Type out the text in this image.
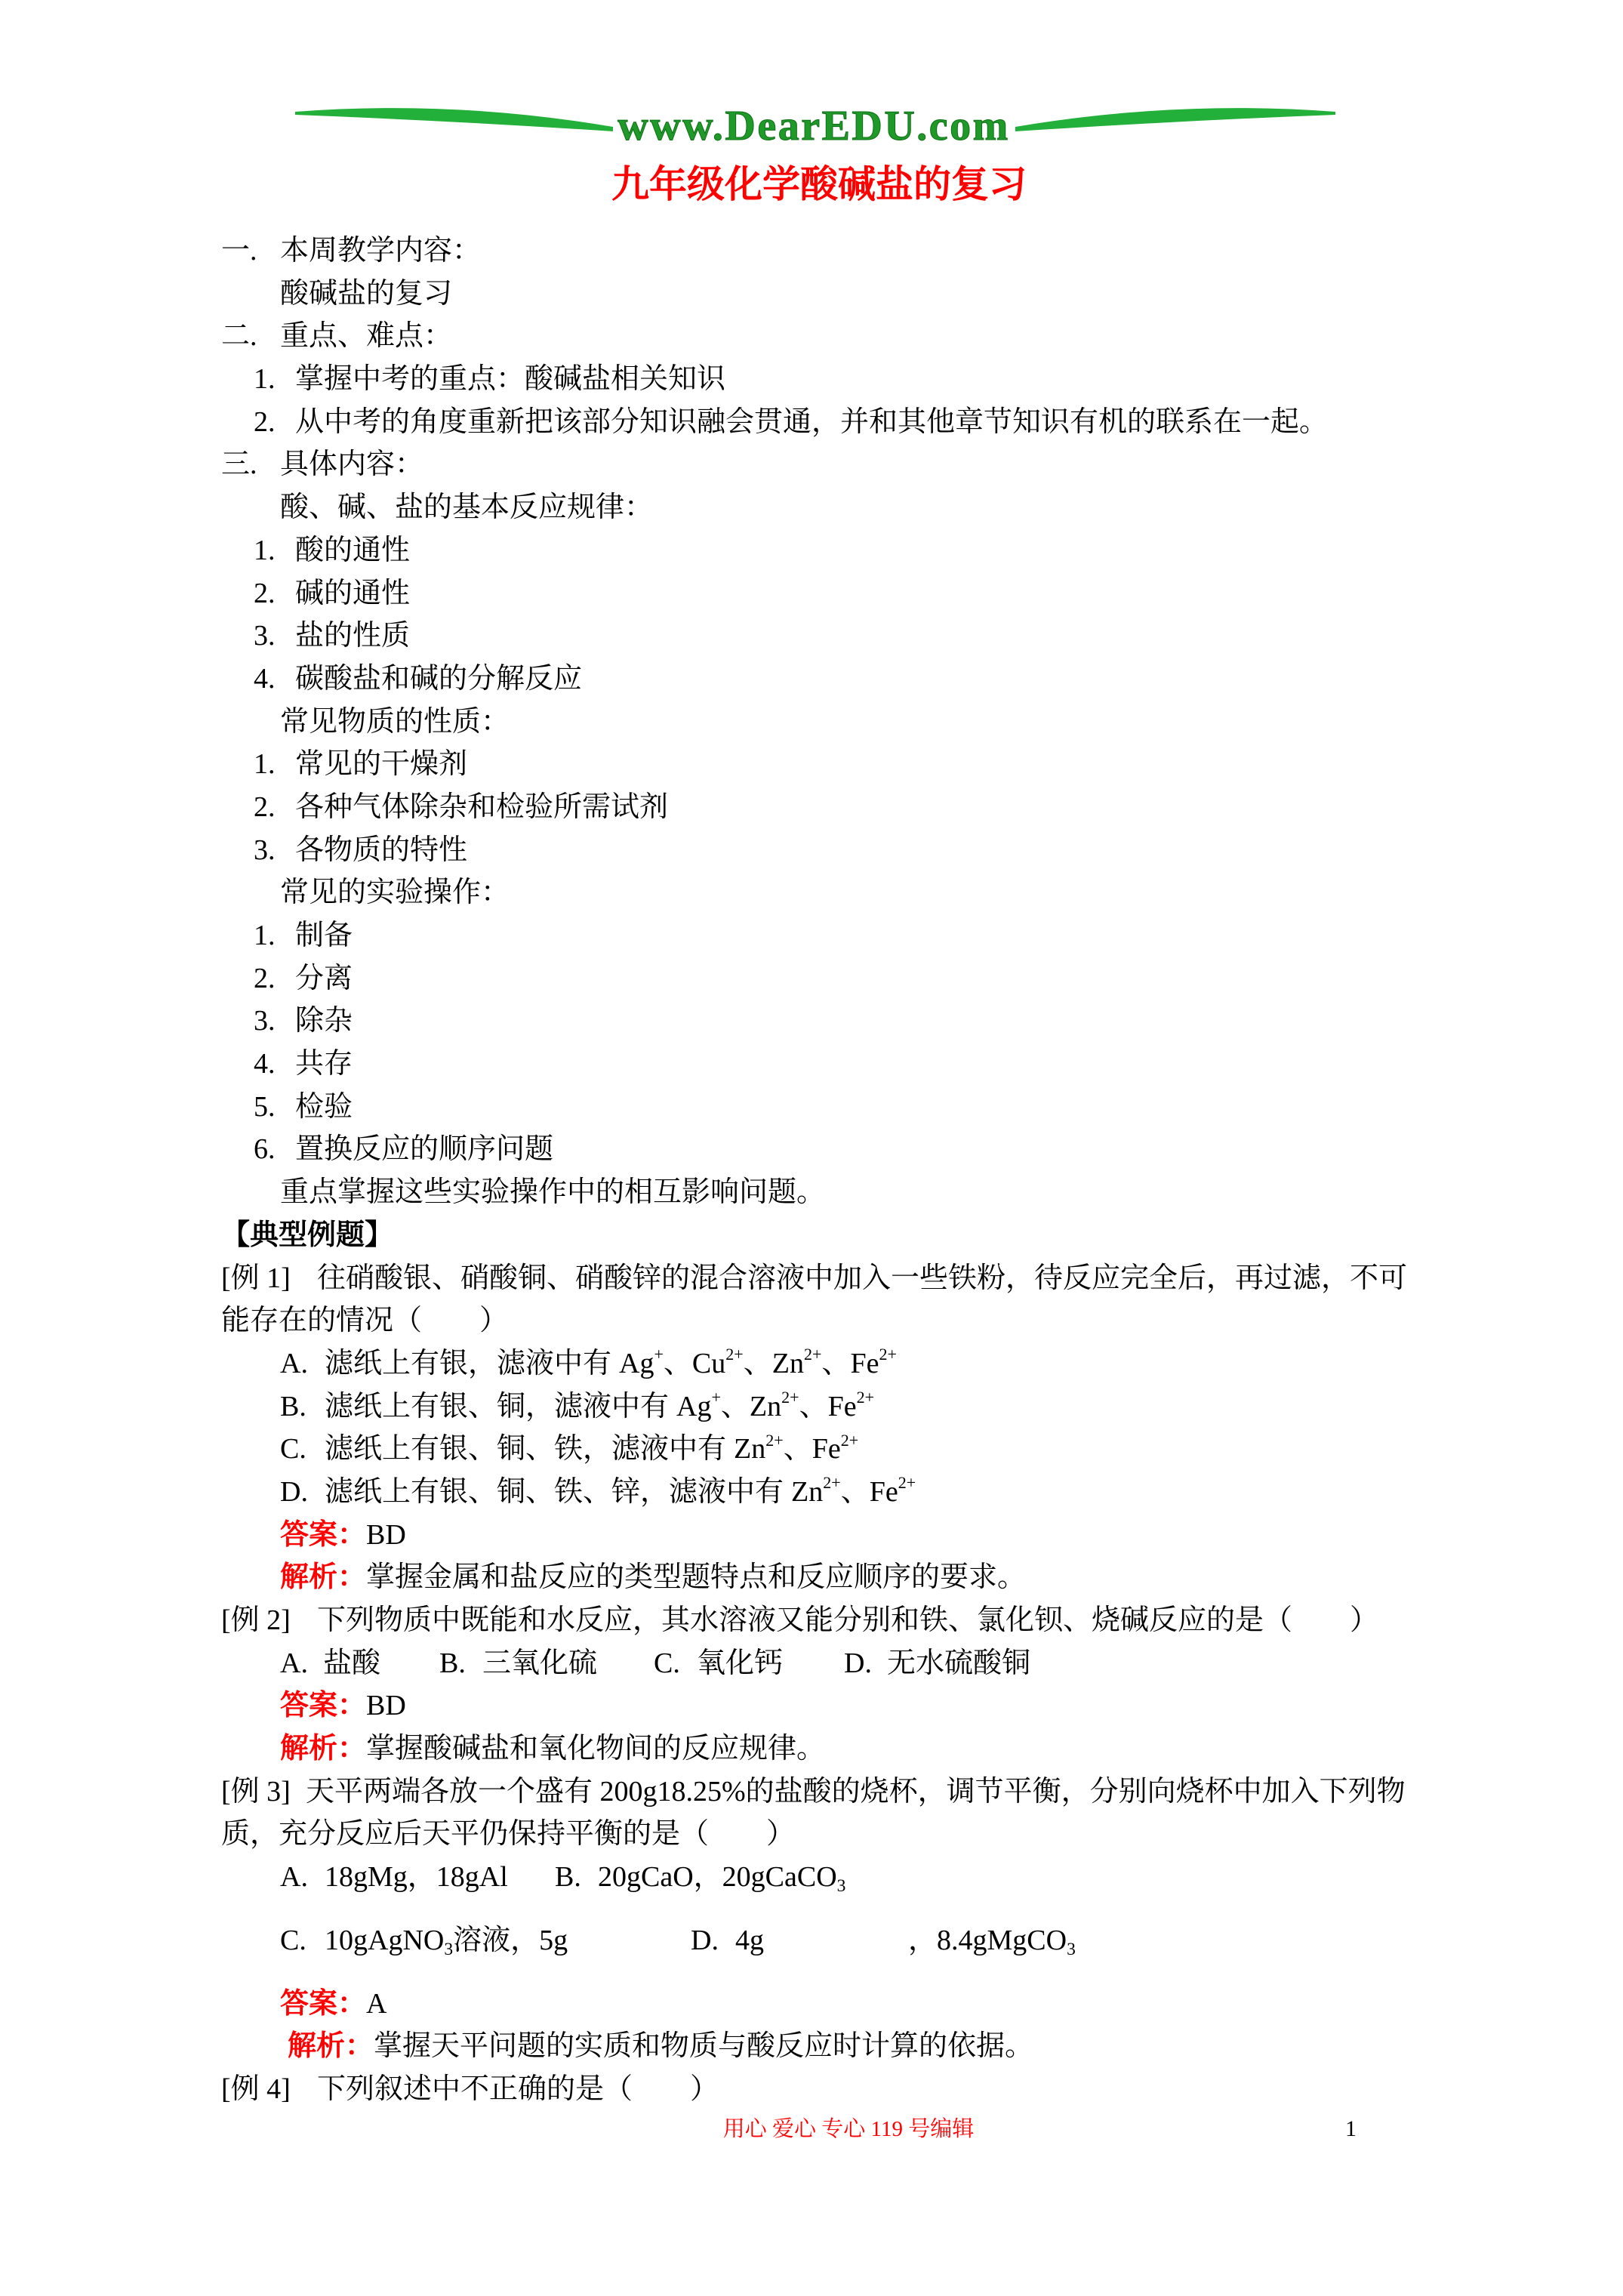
www.DearEDU.com
九年级化学酸碱盐的复习
一. 本周教学内容：
酸碱盐的复习
二. 重点、难点：
1. 掌握中考的重点：酸碱盐相关知识
2. 从中考的角度重新把该部分知识融会贯通，并和其他章节知识有机的联系在一起。
三. 具体内容：
酸、碱、盐的基本反应规律：
1. 酸的通性
2. 碱的通性
3. 盐的性质
4. 碳酸盐和碱的分解反应
常见物质的性质：
1. 常见的干燥剂
2. 各种气体除杂和检验所需试剂
3. 各物质的特性
常见的实验操作：
1. 制备
2. 分离
3. 除杂
4. 共存
5. 检验
6. 置换反应的顺序问题
重点掌握这些实验操作中的相互影响问题。
【典型例题】
[例 1] 往硝酸银、硝酸铜、硝酸锌的混合溶液中加入一些铁粉，待反应完全后，再过滤，不可
能存在的情况（　　）
A. 滤纸上有银，滤液中有 Ag+、$Cu^{2+}$、$Zn^{2+}$、$Fe^{2+}$
B. 滤纸上有银、铜，滤液中有 Ag+、$Zn^{2+}$、$Fe^{2+}$
C. 滤纸上有银、铜、铁，滤液中有 $Zn^{2+}$、$Fe^{2+}$
D. 滤纸上有银、铜、铁、锌，滤液中有 $Zn^{2+}$、$Fe^{2+}$
答案：BD
解析：掌握金属和盐反应的类型题特点和反应顺序的要求。
[例 2] 下列物质中既能和水反应，其水溶液又能分别和铁、氯化钡、烧碱反应的是（　　）
A. 盐酸 B. 三氧化硫 C. 氧化钙 D. 无水硫酸铜
答案：BD
解析：掌握酸碱盐和氧化物间的反应规律。
[例 3] 天平两端各放一个盛有 200g18.25%的盐酸的烧杯，调节平衡，分别向烧杯中加入下列物
质，充分反应后天平仍保持平衡的是（　　）
A. 18gMg，18gAl B. 20gCaO，20gCaCO3
C. 10gAgNO3溶液，5g	D. 4g	，8.4gMgCO3
答案：A
解析：掌握天平问题的实质和物质与酸反应时计算的依据。
[例 4] 下列叙述中不正确的是（　　）
用心 爱心 专心 119 号编辑	1
